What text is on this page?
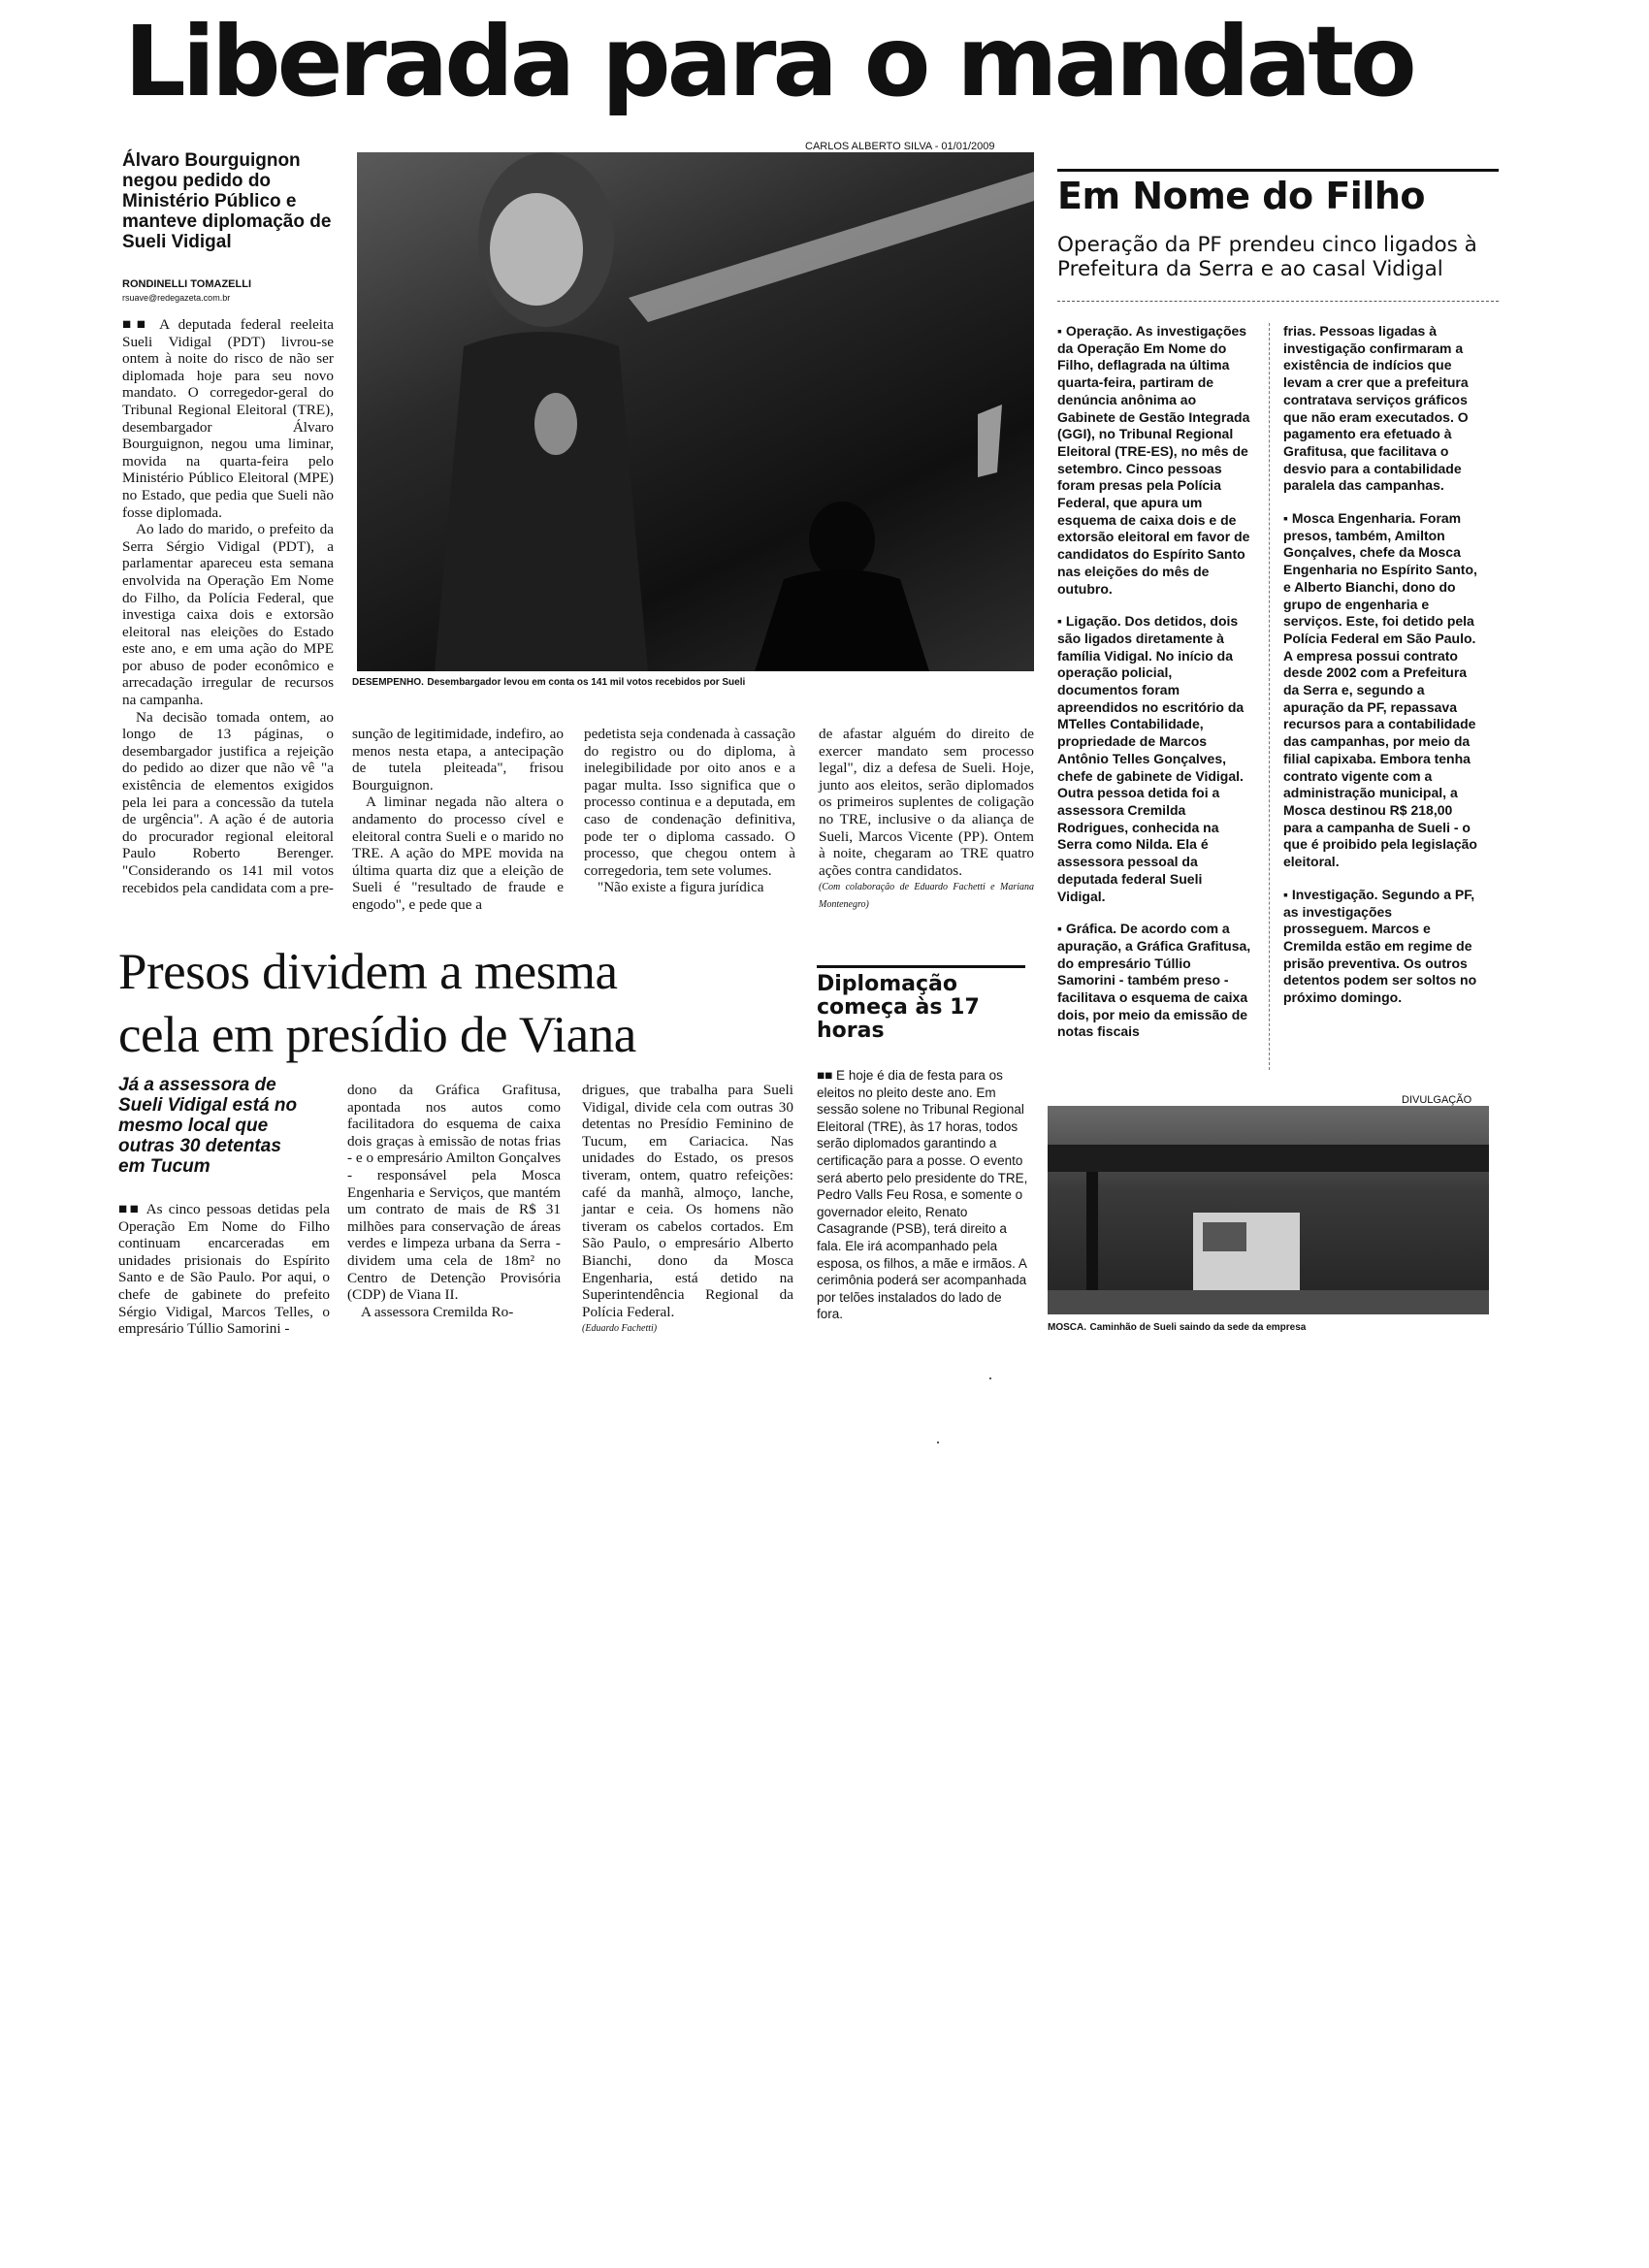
Liberada para o mandato
Álvaro Bourguignon negou pedido do Ministério Público e manteve diplomação de Sueli Vidigal
RONDINELLI TOMAZELLI
rsuave@redegazeta.com.br
■■ A deputada federal reeleita Sueli Vidigal (PDT) livrou-se ontem à noite do risco de não ser diplomada hoje para seu novo mandato. O corregedor-geral do Tribunal Regional Eleitoral (TRE), desembargador Álvaro Bourguignon, negou uma liminar, movida na quarta-feira pelo Ministério Público Eleitoral (MPE) no Estado, que pedia que Sueli não fosse diplomada.
Ao lado do marido, o prefeito da Serra Sérgio Vidigal (PDT), a parlamentar apareceu esta semana envolvida na Operação Em Nome do Filho, da Polícia Federal, que investiga caixa dois e extorsão eleitoral nas eleições do Estado este ano, e em uma ação do MPE por abuso de poder econômico e arrecadação irregular de recursos na campanha.
Na decisão tomada ontem, ao longo de 13 páginas, o desembargador justifica a rejeição do pedido ao dizer que não vê "a existência de elementos exigidos pela lei para a concessão da tutela de urgência". A ação é de autoria do procurador regional eleitoral Paulo Roberto Berenger. "Considerando os 141 mil votos recebidos pela candidata com a pre-
CARLOS ALBERTO SILVA - 01/01/2009
DESEMPENHO. Desembargador levou em conta os 141 mil votos recebidos por Sueli
sunção de legitimidade, indefiro, ao menos nesta etapa, a antecipação de tutela pleiteada", frisou Bourguignon.
A liminar negada não altera o andamento do processo cível e eleitoral contra Sueli e o marido no TRE. A ação do MPE movida na última quarta diz que a eleição de Sueli é "resultado de fraude e engodo", e pede que a
pedetista seja condenada à cassação do registro ou do diploma, à inelegibilidade por oito anos e a pagar multa. Isso significa que o processo continua e a deputada, em caso de condenação definitiva, pode ter o diploma cassado. O processo, que chegou ontem à corregedoria, tem sete volumes.
"Não existe a figura jurídica
de afastar alguém do direito de exercer mandato sem processo legal", diz a defesa de Sueli. Hoje, junto aos eleitos, serão diplomados os primeiros suplentes de coligação no TRE, inclusive o da aliança de Sueli, Marcos Vicente (PP). Ontem à noite, chegaram ao TRE quatro ações contra candidatos.
(Com colaboração de Eduardo Fachetti e Mariana Montenegro)
Em Nome do Filho
Operação da PF prendeu cinco ligados à Prefeitura da Serra e ao casal Vidigal
▪ Operação. As investigações da Operação Em Nome do Filho, deflagrada na última quarta-feira, partiram de denúncia anônima ao Gabinete de Gestão Integrada (GGI), no Tribunal Regional Eleitoral (TRE-ES), no mês de setembro. Cinco pessoas foram presas pela Polícia Federal, que apura um esquema de caixa dois e de extorsão eleitoral em favor de candidatos do Espírito Santo nas eleições do mês de outubro.
▪ Ligação. Dos detidos, dois são ligados diretamente à família Vidigal. No início da operação policial, documentos foram apreendidos no escritório da MTelles Contabilidade, propriedade de Marcos Antônio Telles Gonçalves, chefe de gabinete de Vidigal. Outra pessoa detida foi a assessora Cremilda Rodrigues, conhecida na Serra como Nilda. Ela é assessora pessoal da deputada federal Sueli Vidigal.
▪ Gráfica. De acordo com a apuração, a Gráfica Grafitusa, do empresário Túllio Samorini - também preso - facilitava o esquema de caixa dois, por meio da emissão de notas fiscais
frias. Pessoas ligadas à investigação confirmaram a existência de indícios que levam a crer que a prefeitura contratava serviços gráficos que não eram executados. O pagamento era efetuado à Grafitusa, que facilitava o desvio para a contabilidade paralela das campanhas.
▪ Mosca Engenharia. Foram presos, também, Amilton Gonçalves, chefe da Mosca Engenharia no Espírito Santo, e Alberto Bianchi, dono do grupo de engenharia e serviços. Este, foi detido pela Polícia Federal em São Paulo. A empresa possui contrato desde 2002 com a Prefeitura da Serra e, segundo a apuração da PF, repassava recursos para a contabilidade das campanhas, por meio da filial capixaba. Embora tenha contrato vigente com a administração municipal, a Mosca destinou R$ 218,00 para a campanha de Sueli - o que é proibido pela legislação eleitoral.
▪ Investigação. Segundo a PF, as investigações prosseguem. Marcos e Cremilda estão em regime de prisão preventiva. Os outros detentos podem ser soltos no próximo domingo.
DIVULGAÇÃO
MOSCA. Caminhão de Sueli saindo da sede da empresa
Presos dividem a mesma
cela em presídio de Viana
Já a assessora de Sueli Vidigal está no mesmo local que outras 30 detentas em Tucum
■■ As cinco pessoas detidas pela Operação Em Nome do Filho continuam encarceradas em unidades prisionais do Espírito Santo e de São Paulo. Por aqui, o chefe de gabinete do prefeito Sérgio Vidigal, Marcos Telles, o empresário Túllio Samorini -
dono da Gráfica Grafitusa, apontada nos autos como facilitadora do esquema de caixa dois graças à emissão de notas frias - e o empresário Amilton Gonçalves - responsável pela Mosca Engenharia e Serviços, que mantém um contrato de mais de R$ 31 milhões para conservação de áreas verdes e limpeza urbana da Serra - dividem uma cela de 18m² no Centro de Detenção Provisória (CDP) de Viana II.
A assessora Cremilda Ro-
drigues, que trabalha para Sueli Vidigal, divide cela com outras 30 detentas no Presídio Feminino de Tucum, em Cariacica. Nas unidades do Estado, os presos tiveram, ontem, quatro refeições: café da manhã, almoço, lanche, jantar e ceia. Os homens não tiveram os cabelos cortados. Em São Paulo, o empresário Alberto Bianchi, dono da Mosca Engenharia, está detido na Superintendência Regional da Polícia Federal.
(Eduardo Fachetti)
Diplomação começa às 17 horas
■■ E hoje é dia de festa para os eleitos no pleito deste ano. Em sessão solene no Tribunal Regional Eleitoral (TRE), às 17 horas, todos serão diplomados garantindo a certificação para a posse. O evento será aberto pelo presidente do TRE, Pedro Valls Feu Rosa, e somente o governador eleito, Renato Casagrande (PSB), terá direito a fala. Ele irá acompanhado pela esposa, os filhos, a mãe e irmãos. A cerimônia poderá ser acompanhada por telões instalados do lado de fora.
